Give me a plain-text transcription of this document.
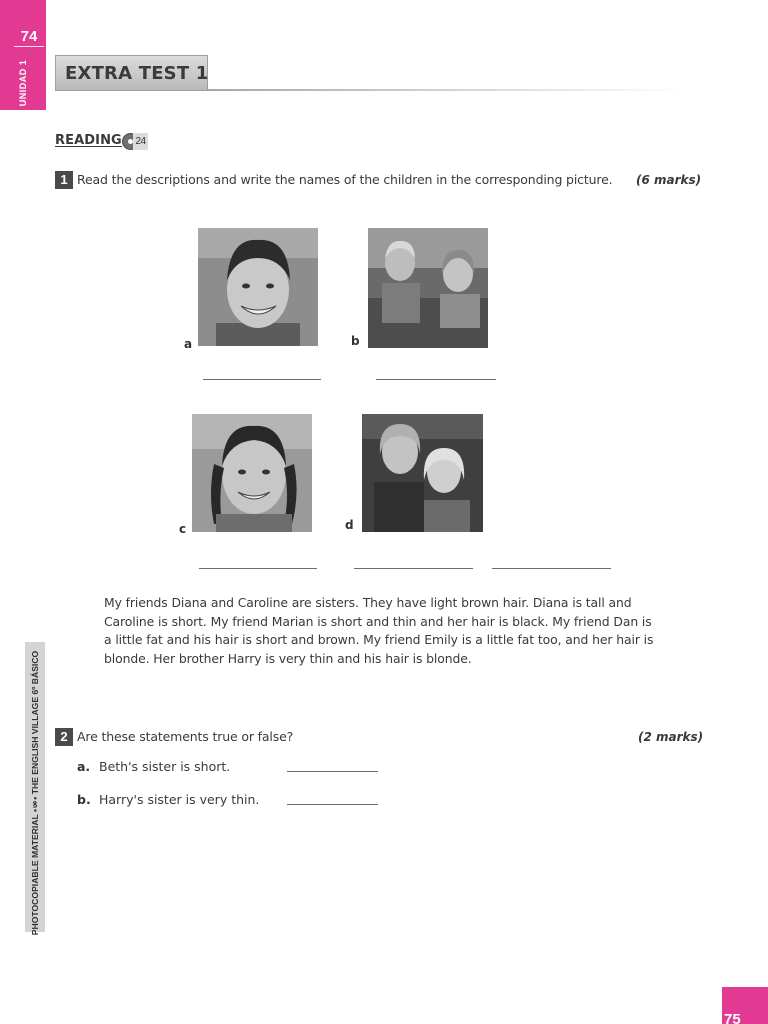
74
UNIDAD 1 EXTRA TEST 1
READING 24
1 Read the descriptions and write the names of the children in the corresponding picture. (6 marks)
a	b
c	d
My friends Diana and Caroline are sisters. They have light brown hair. Diana is tall and Caroline is short. My friend Marian is short and thin and her hair is black. My friend Dan is a little fat and his hair is short and brown. My friend Emily is a little fat too, and her hair is blonde. Her brother Harry is very thin and his hair is blonde.
2 Are these statements true or false?	(2 marks)
a. Beth's sister is short.
b. Harry's sister is very thin.
PHOTOCOPIABLE MATERIAL • ꝸ • THE ENGLISH VILLAGE 6º BÁSICO
75
